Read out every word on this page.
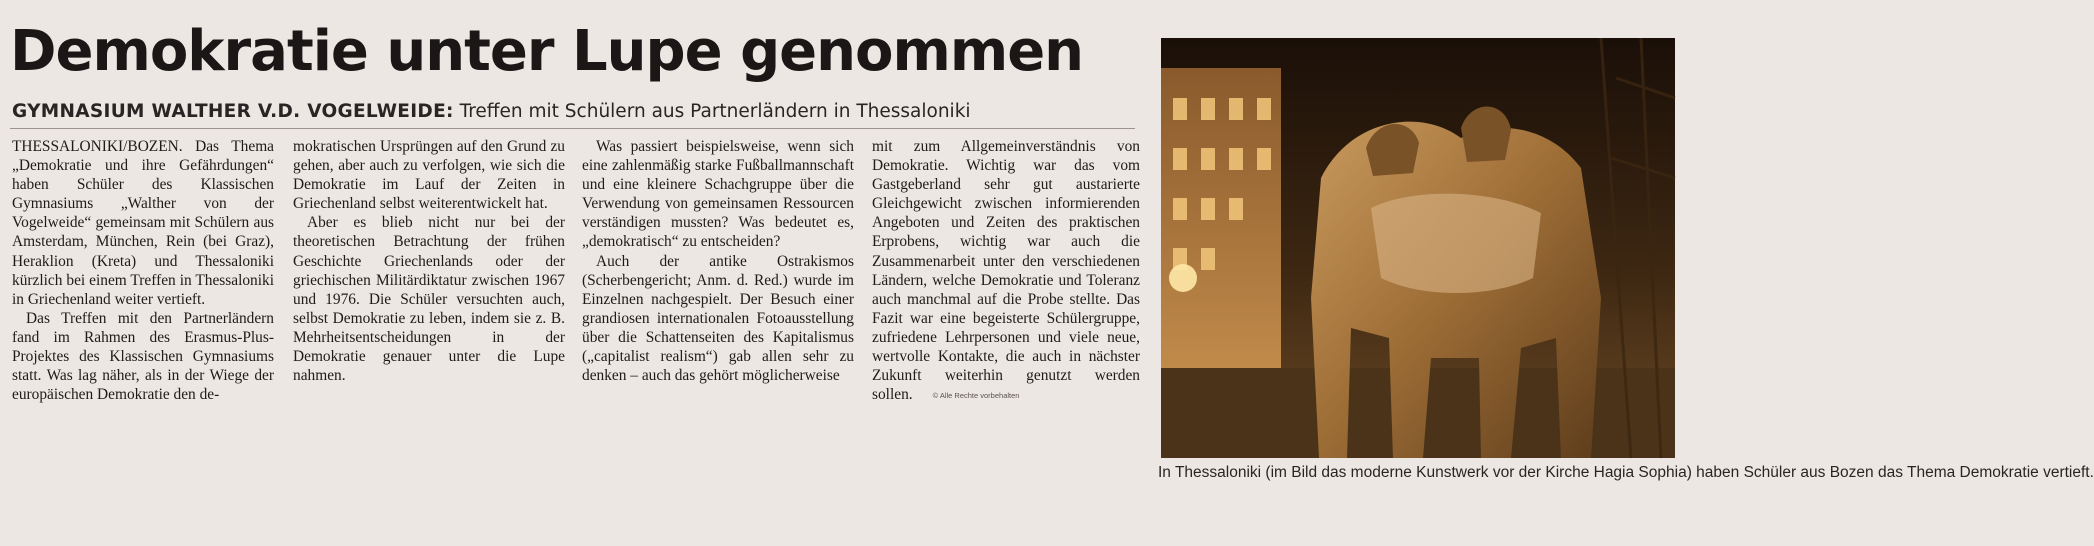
Demokratie unter Lupe genommen
GYMNASIUM WALTHER V.D. VOGELWEIDE: Treffen mit Schülern aus Partnerländern in Thessaloniki

THESSALONIKI/BOZEN. Das Thema „Demokratie und ihre Gefährdungen“ haben Schüler des Klassischen Gymnasiums „Walther von der Vogelweide“ gemeinsam mit Schülern aus Amsterdam, München, Rein (bei Graz), Heraklion (Kreta) und Thessaloniki kürzlich bei einem Treffen in Thessaloniki in Griechenland weiter vertieft.

Das Treffen mit den Partnerländern fand im Rahmen des Erasmus-Plus-Projektes des Klassischen Gymnasiums statt. Was lag näher, als in der Wiege der europäischen Demokratie den de-

mokratischen Ursprüngen auf den Grund zu gehen, aber auch zu verfolgen, wie sich die Demokratie im Lauf der Zeiten in Griechenland selbst weiterentwickelt hat.

Aber es blieb nicht nur bei der theoretischen Betrachtung der frühen Geschichte Griechenlands oder der griechischen Militärdiktatur zwischen 1967 und 1976. Die Schüler versuchten auch, selbst Demokratie zu leben, indem sie z. B. Mehrheitsentscheidungen in der Demokratie genauer unter die Lupe nahmen.

Was passiert beispielsweise, wenn sich eine zahlenmäßig starke Fußballmannschaft und eine kleinere Schachgruppe über die Verwendung von gemeinsamen Ressourcen verständigen mussten? Was bedeutet es, „demokratisch“ zu entscheiden?

Auch der antike Ostrakismos (Scherbengericht; Anm. d. Red.) wurde im Einzelnen nachgespielt. Der Besuch einer grandiosen internationalen Fotoausstellung über die Schattenseiten des Kapitalismus („capitalist realism“) gab allen sehr zu denken – auch das gehört möglicherweise

mit zum Allgemeinverständnis von Demokratie. Wichtig war das vom Gastgeberland sehr gut austarierte Gleichgewicht zwischen informierenden Angeboten und Zeiten des praktischen Erprobens, wichtig war auch die Zusammenarbeit unter den verschiedenen Ländern, welche Demokratie und Toleranz auch manchmal auf die Probe stellte. Das Fazit war eine begeisterte Schülergruppe, zufriedene Lehrpersonen und viele neue, wertvolle Kontakte, die auch in nächster Zukunft weiterhin genutzt werden sollen.	© Alle Rechte vorbehalten

In Thessaloniki (im Bild das moderne Kunstwerk vor der Kirche Hagia Sophia) haben Schüler aus Bozen das Thema Demokratie vertieft.
